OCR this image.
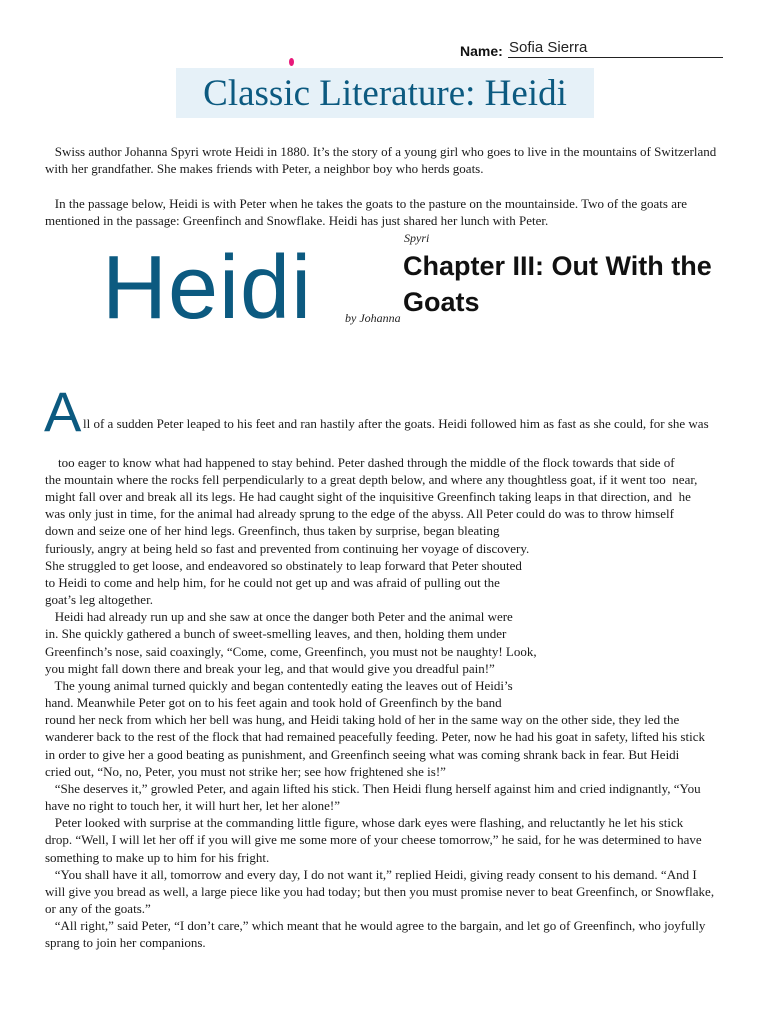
Name: Sofia Sierra
Classic Literature: Heidi
Swiss author Johanna Spyri wrote Heidi in 1880. It’s the story of a young girl who goes to live in the mountains of Switzerland with her grandfather. She makes friends with Peter, a neighbor boy who herds goats.
In the passage below, Heidi is with Peter when he takes the goats to the pasture on the mountainside. Two of the goats are mentioned in the passage: Greenfinch and Snowflake. Heidi has just shared her lunch with Peter.
Heidi	Spyri
by Johanna
Chapter III: Out With the Goats
A ll of a sudden Peter leaped to his feet and ran hastily after the goats. Heidi followed him as fast as she could, for she was
too eager to know what had happened to stay behind. Peter dashed through the middle of the flock towards that side of
the mountain where the rocks fell perpendicularly to a great depth below, and where any thoughtless goat, if it went too  near,
might fall over and break all its legs. He had caught sight of the inquisitive Greenfinch taking leaps in that direction, and  he
was only just in time, for the animal had already sprung to the edge of the abyss. All Peter could do was to throw himself
down and seize one of her hind legs. Greenfinch, thus taken by surprise, began bleating
furiously, angry at being held so fast and prevented from continuing her voyage of discovery.
She struggled to get loose, and endeavored so obstinately to leap forward that Peter shouted
to Heidi to come and help him, for he could not get up and was afraid of pulling out the
goat’s leg altogether.
Heidi had already run up and she saw at once the danger both Peter and the animal were
in. She quickly gathered a bunch of sweet-smelling leaves, and then, holding them under
Greenfinch’s nose, said coaxingly, “Come, come, Greenfinch, you must not be naughty! Look,
you might fall down there and break your leg, and that would give you dreadful pain!”
The young animal turned quickly and began contentedly eating the leaves out of Heidi’s
hand. Meanwhile Peter got on to his feet again and took hold of Greenfinch by the band
round her neck from which her bell was hung, and Heidi taking hold of her in the same way on the other side, they led the
wanderer back to the rest of the flock that had remained peacefully feeding. Peter, now he had his goat in safety, lifted his stick
in order to give her a good beating as punishment, and Greenfinch seeing what was coming shrank back in fear. But Heidi
cried out, “No, no, Peter, you must not strike her; see how frightened she is!”
“She deserves it,” growled Peter, and again lifted his stick. Then Heidi flung herself against him and cried indignantly, “You
have no right to touch her, it will hurt her, let her alone!”
Peter looked with surprise at the commanding little figure, whose dark eyes were flashing, and reluctantly he let his stick
drop. “Well, I will let her off if you will give me some more of your cheese tomorrow,” he said, for he was determined to have
something to make up to him for his fright.
“You shall have it all, tomorrow and every day, I do not want it,” replied Heidi, giving ready consent to his demand. “And I
will give you bread as well, a large piece like you had today; but then you must promise never to beat Greenfinch, or Snowflake,
or any of the goats.”
“All right,” said Peter, “I don’t care,” which meant that he would agree to the bargain, and let go of Greenfinch, who joyfully
sprang to join her companions.
